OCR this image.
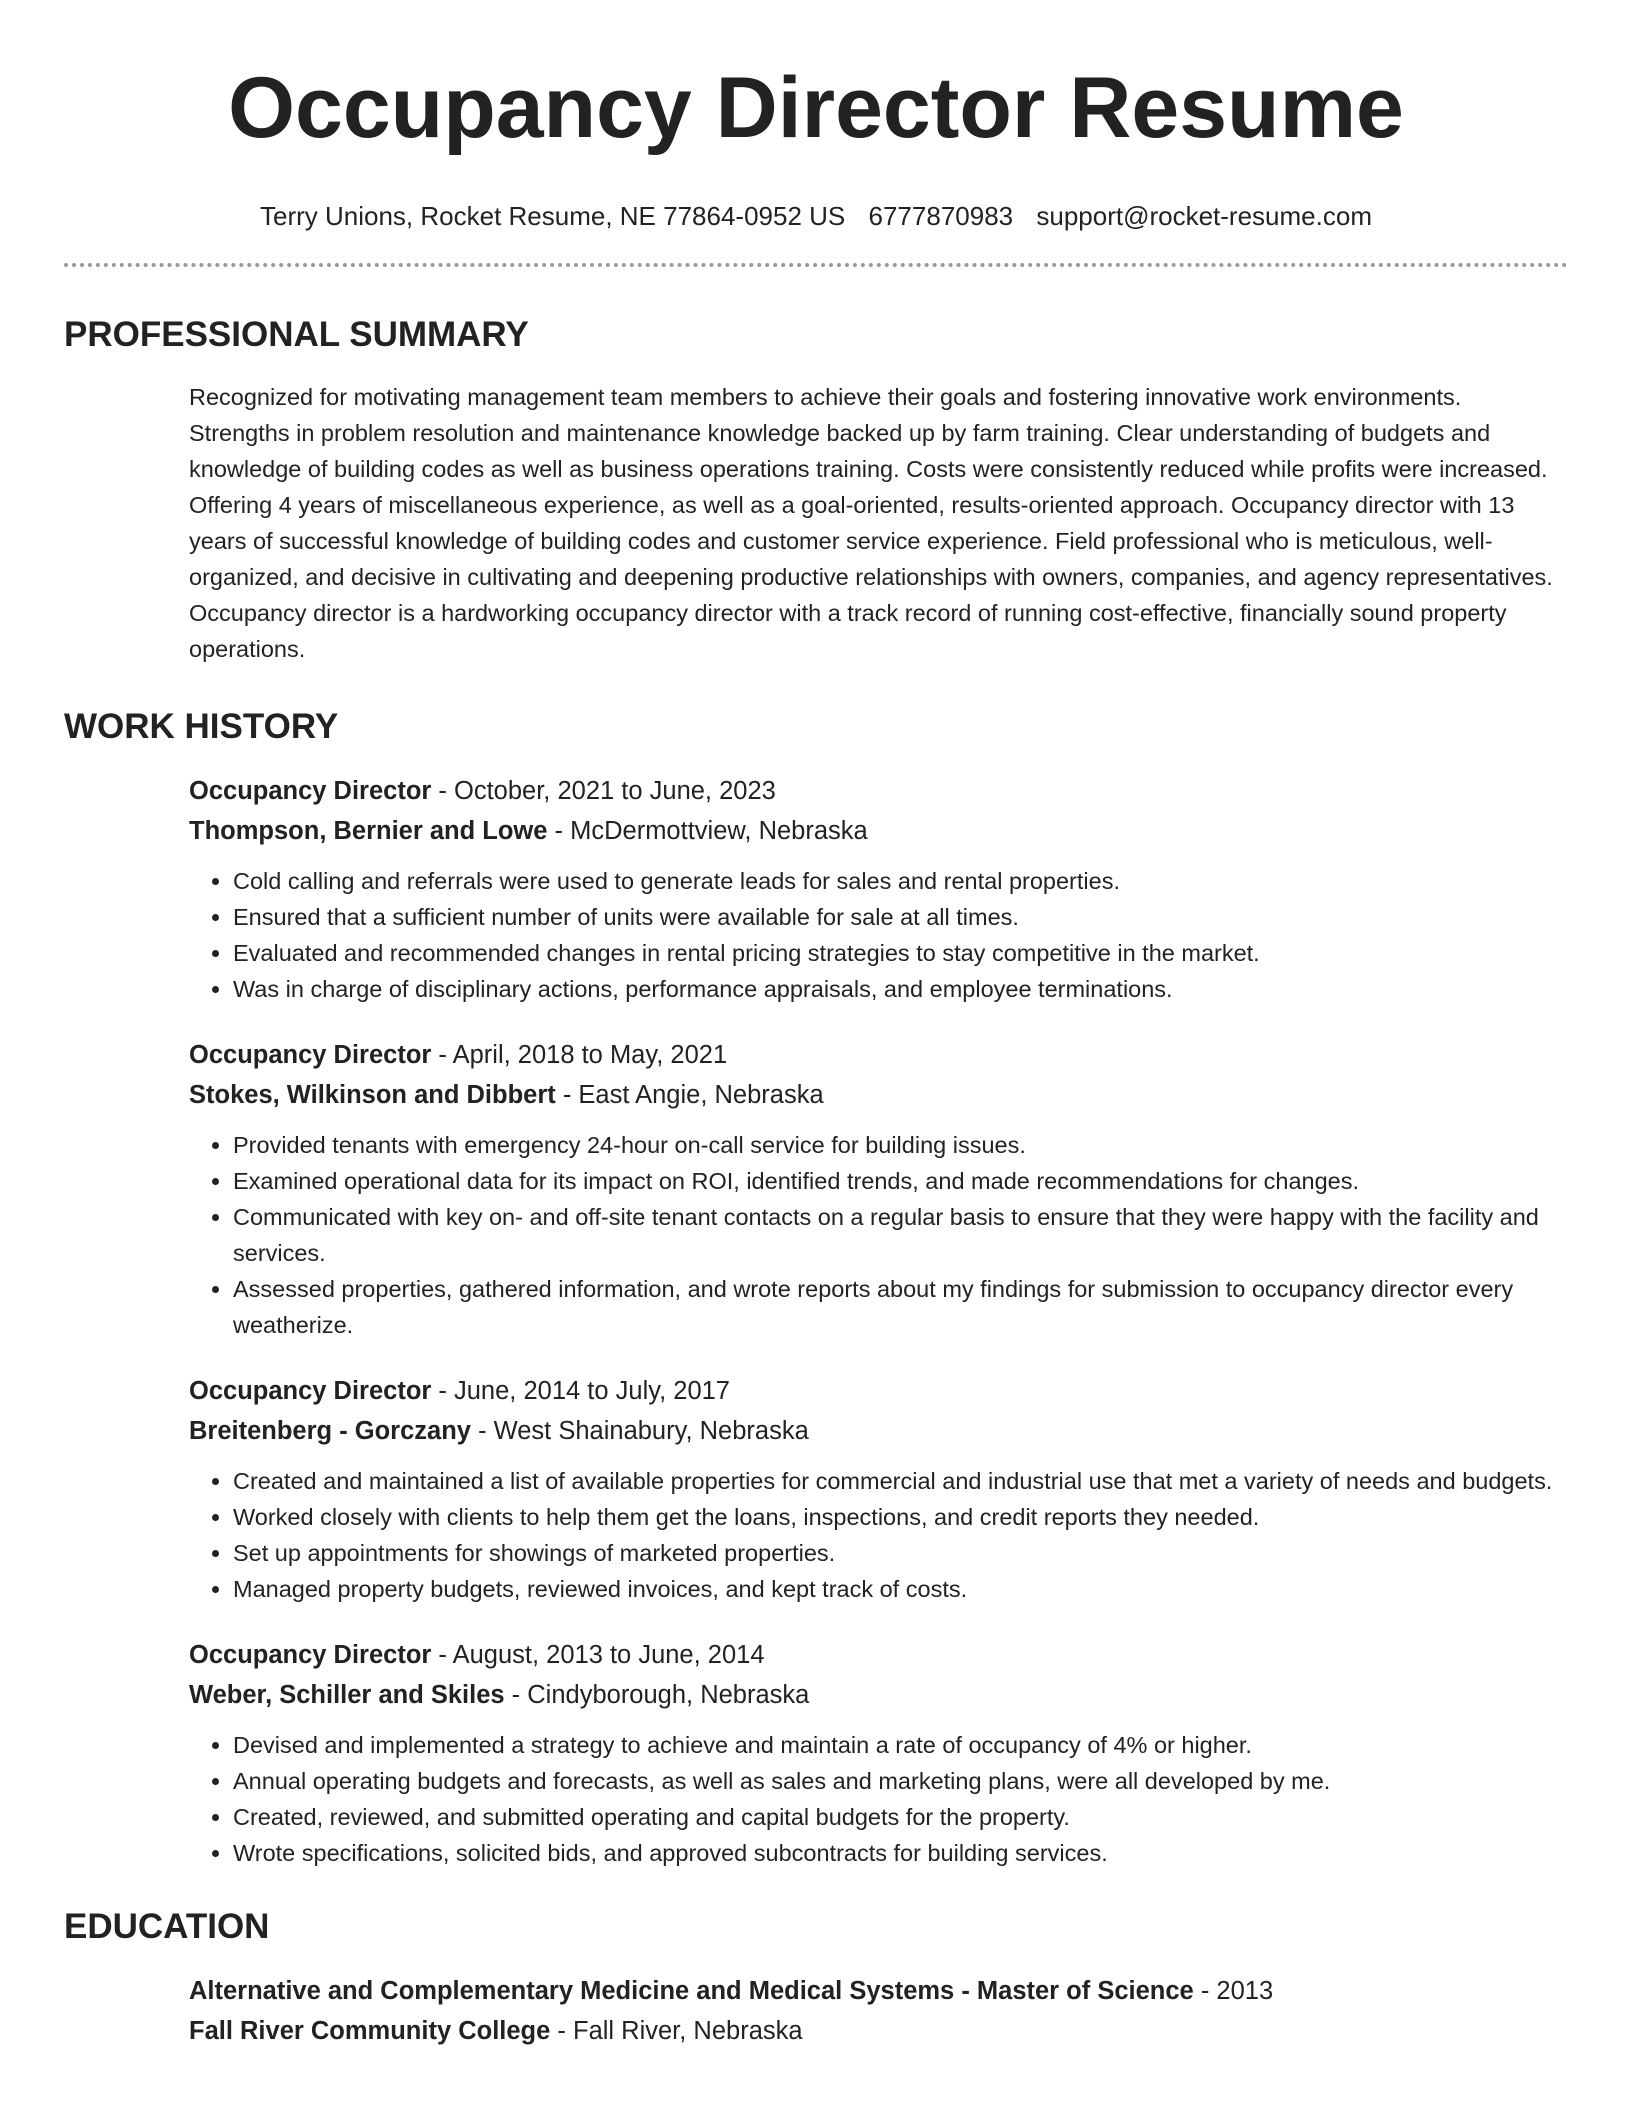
Occupancy Director Resume
Terry Unions, Rocket Resume, NE 77864-0952 US 6777870983 support@rocket-resume.com
PROFESSIONAL SUMMARY
Recognized for motivating management team members to achieve their goals and fostering innovative work environments. Strengths in problem resolution and maintenance knowledge backed up by farm training. Clear understanding of budgets and knowledge of building codes as well as business operations training. Costs were consistently reduced while profits were increased. Offering 4 years of miscellaneous experience, as well as a goal-oriented, results-oriented approach. Occupancy director with 13 years of successful knowledge of building codes and customer service experience. Field professional who is meticulous, well-organized, and decisive in cultivating and deepening productive relationships with owners, companies, and agency representatives. Occupancy director is a hardworking occupancy director with a track record of running cost-effective, financially sound property operations.
WORK HISTORY
Occupancy Director - October, 2021 to June, 2023
Thompson, Bernier and Lowe - McDermottview, Nebraska
• Cold calling and referrals were used to generate leads for sales and rental properties.
• Ensured that a sufficient number of units were available for sale at all times.
• Evaluated and recommended changes in rental pricing strategies to stay competitive in the market.
• Was in charge of disciplinary actions, performance appraisals, and employee terminations.
Occupancy Director - April, 2018 to May, 2021
Stokes, Wilkinson and Dibbert - East Angie, Nebraska
• Provided tenants with emergency 24-hour on-call service for building issues.
• Examined operational data for its impact on ROI, identified trends, and made recommendations for changes.
• Communicated with key on- and off-site tenant contacts on a regular basis to ensure that they were happy with the facility and services.
• Assessed properties, gathered information, and wrote reports about my findings for submission to occupancy director every weatherize.
Occupancy Director - June, 2014 to July, 2017
Breitenberg - Gorczany - West Shainabury, Nebraska
• Created and maintained a list of available properties for commercial and industrial use that met a variety of needs and budgets.
• Worked closely with clients to help them get the loans, inspections, and credit reports they needed.
• Set up appointments for showings of marketed properties.
• Managed property budgets, reviewed invoices, and kept track of costs.
Occupancy Director - August, 2013 to June, 2014
Weber, Schiller and Skiles - Cindyborough, Nebraska
• Devised and implemented a strategy to achieve and maintain a rate of occupancy of 4% or higher.
• Annual operating budgets and forecasts, as well as sales and marketing plans, were all developed by me.
• Created, reviewed, and submitted operating and capital budgets for the property.
• Wrote specifications, solicited bids, and approved subcontracts for building services.
EDUCATION
Alternative and Complementary Medicine and Medical Systems - Master of Science - 2013
Fall River Community College - Fall River, Nebraska
